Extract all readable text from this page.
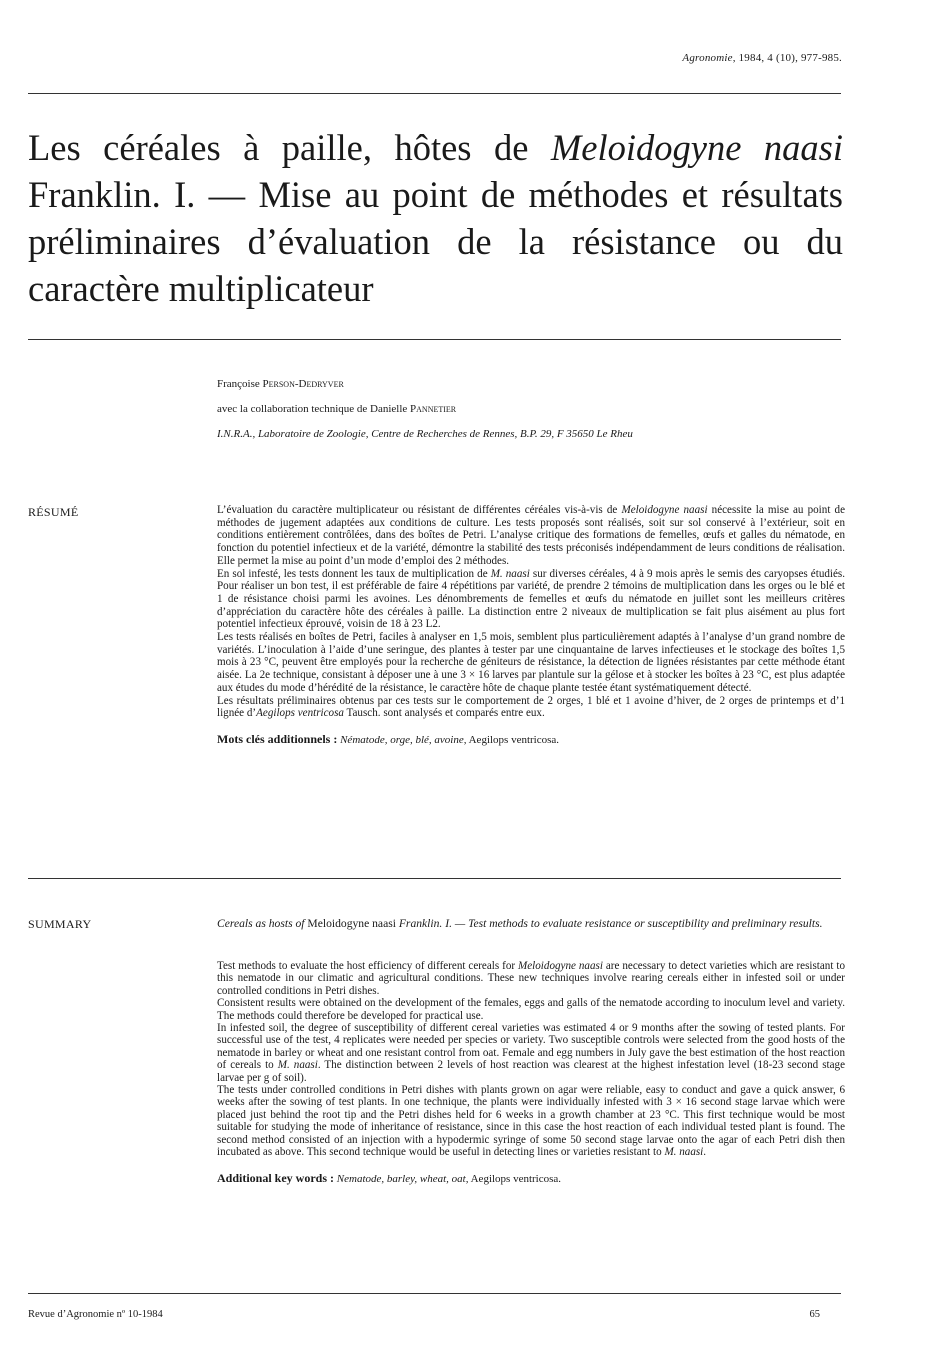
Agronomie, 1984, 4 (10), 977-985.
Les céréales à paille, hôtes de Meloidogyne naasi Franklin. I. — Mise au point de méthodes et résultats préliminaires d’évaluation de la résistance ou du caractère multiplicateur
Françoise Person-Dedryver
avec la collaboration technique de Danielle Pannetier
I.N.R.A., Laboratoire de Zoologie, Centre de Recherches de Rennes, B.P. 29, F 35650 Le Rheu
RÉSUMÉ	L’évaluation du caractère multiplicateur ou résistant de différentes céréales vis-à-vis de Meloidogyne naasi nécessite la mise au point de méthodes de jugement adaptées aux conditions de culture. Les tests proposés sont réalisés, soit sur sol conservé à l’extérieur, soit en conditions entièrement contrôlées, dans des boîtes de Petri. L’analyse critique des formations de femelles, œufs et galles du nématode, en fonction du potentiel infectieux et de la variété, démontre la stabilité des tests préconisés indépendamment de leurs conditions de réalisation. Elle permet la mise au point d’un mode d’emploi des 2 méthodes.

En sol infesté, les tests donnent les taux de multiplication de M. naasi sur diverses céréales, 4 à 9 mois après le semis des caryopses étudiés. Pour réaliser un bon test, il est préférable de faire 4 répétitions par variété, de prendre 2 témoins de multiplication dans les orges ou le blé et 1 de résistance choisi parmi les avoines. Les dénombrements de femelles et œufs du nématode en juillet sont les meilleurs critères d’appréciation du caractère hôte des céréales à paille. La distinction entre 2 niveaux de multiplication se fait plus aisément au plus fort potentiel infectieux éprouvé, voisin de 18 à 23 L2.

Les tests réalisés en boîtes de Petri, faciles à analyser en 1,5 mois, semblent plus particulièrement adaptés à l’analyse d’un grand nombre de variétés. L’inoculation à l’aide d’une seringue, des plantes à tester par une cinquantaine de larves infectieuses et le stockage des boîtes 1,5 mois à 23 °C, peuvent être employés pour la recherche de géniteurs de résistance, la détection de lignées résistantes par cette méthode étant aisée. La 2e technique, consistant à déposer une à une 3 × 16 larves par plantule sur la gélose et à stocker les boîtes à 23 °C, est plus adaptée aux études du mode d’hérédité de la résistance, le caractère hôte de chaque plante testée étant systématiquement détecté.

Les résultats préliminaires obtenus par ces tests sur le comportement de 2 orges, 1 blé et 1 avoine d’hiver, de 2 orges de printemps et d’1 lignée d’Aegilops ventricosa Tausch. sont analysés et comparés entre eux.

Mots clés additionnels : Nématode, orge, blé, avoine, Aegilops ventricosa.

SUMMARY	Cereals as hosts of Meloidogyne naasi Franklin. I. — Test methods to evaluate resistance or susceptibility and preliminary results.

Test methods to evaluate the host efficiency of different cereals for Meloidogyne naasi are necessary to detect varieties which are resistant to this nematode in our climatic and agricultural conditions. These new techniques involve rearing cereals either in infested soil or under controlled conditions in Petri dishes.

Consistent results were obtained on the development of the females, eggs and galls of the nematode according to inoculum level and variety. The methods could therefore be developed for practical use.

In infested soil, the degree of susceptibility of different cereal varieties was estimated 4 or 9 months after the sowing of tested plants. For successful use of the test, 4 replicates were needed per species or variety. Two susceptible controls were selected from the good hosts of the nematode in barley or wheat and one resistant control from oat. Female and egg numbers in July gave the best estimation of the host reaction of cereals to M. naasi. The distinction between 2 levels of host reaction was clearest at the highest infestation level (18-23 second stage larvae per g of soil).

The tests under controlled conditions in Petri dishes with plants grown on agar were reliable, easy to conduct and gave a quick answer, 6 weeks after the sowing of test plants. In one technique, the plants were individually infested with 3 × 16 second stage larvae which were placed just behind the root tip and the Petri dishes held for 6 weeks in a growth chamber at 23 °C. This first technique would be most suitable for studying the mode of inheritance of resistance, since in this case the host reaction of each individual tested plant is found. The second method consisted of an injection with a hypodermic syringe of some 50 second stage larvae onto the agar of each Petri dish then incubated as above. This second technique would be useful in detecting lines or varieties resistant to M. naasi.

Additional key words : Nematode, barley, wheat, oat, Aegilops ventricosa.

Revue d’Agronomie nº 10-1984	65
